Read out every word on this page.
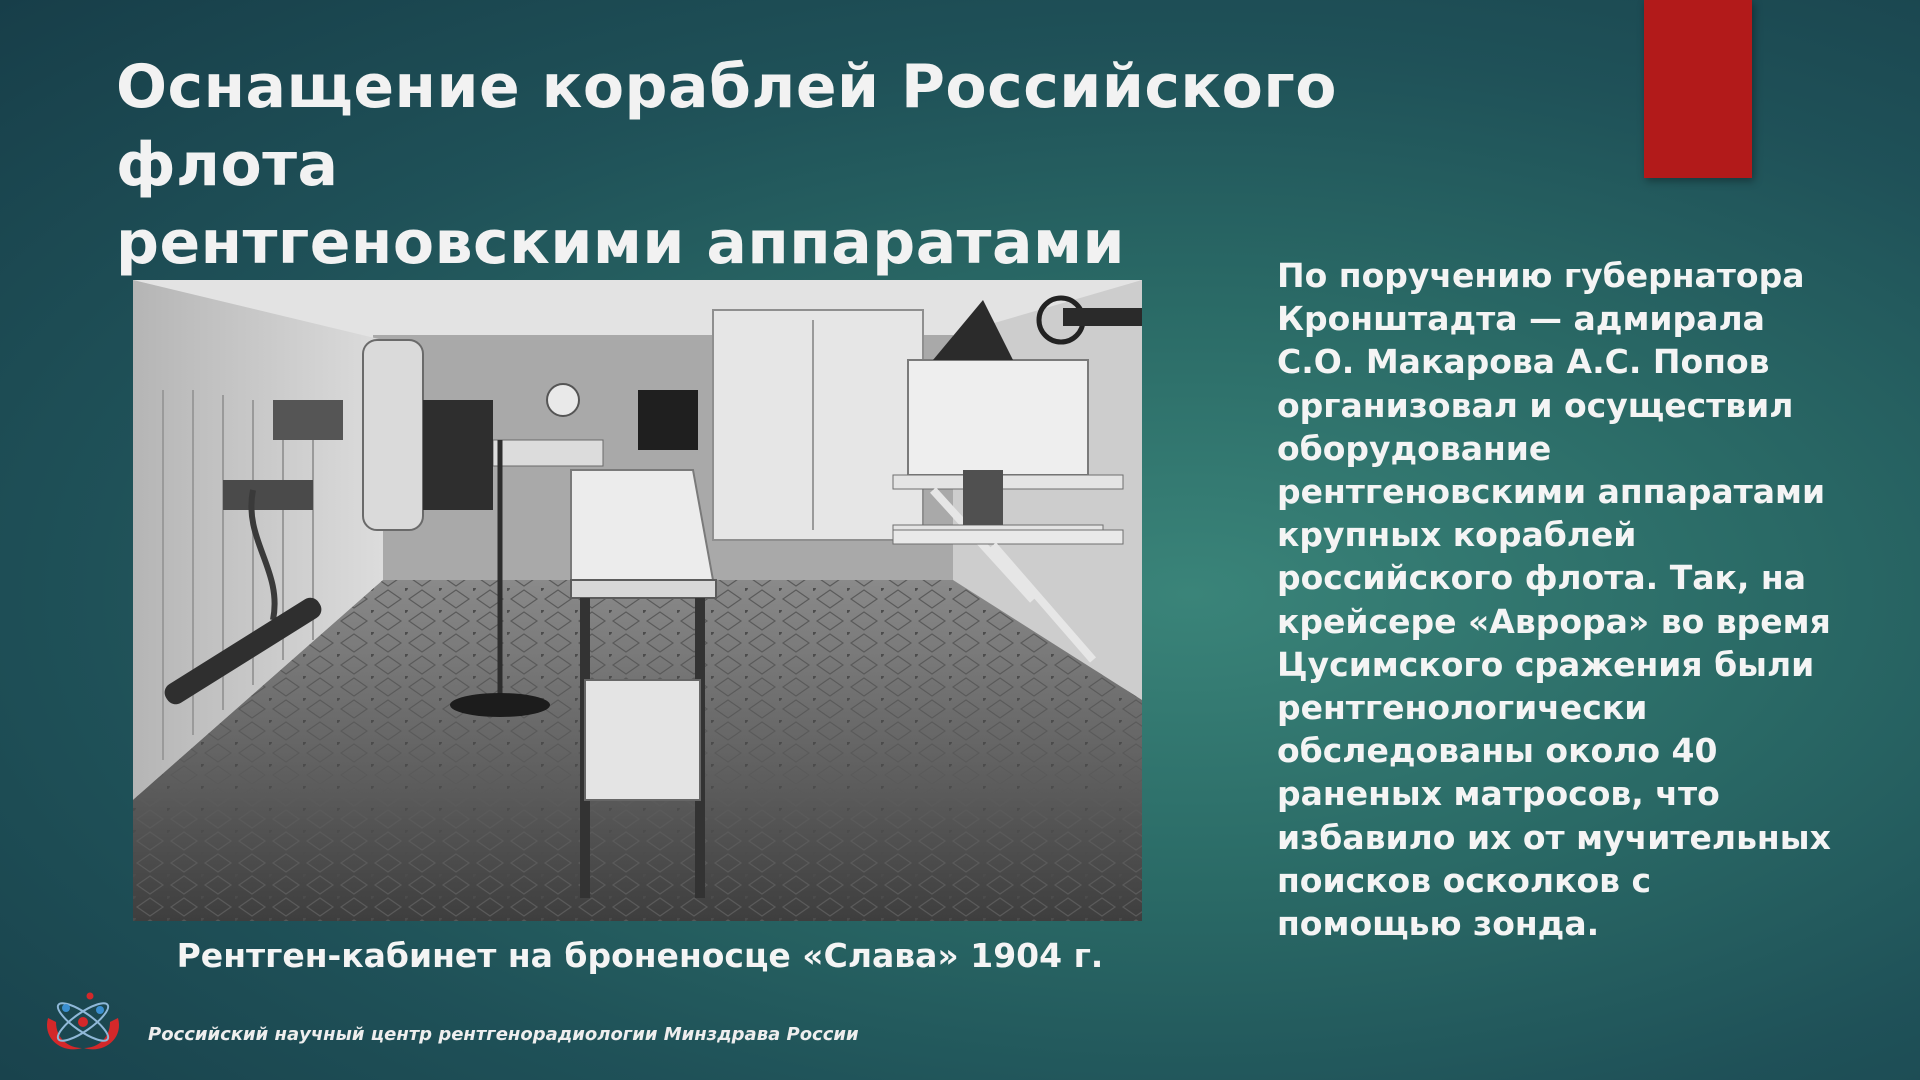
Оснащение кораблей Российского флота
рентгеновскими аппаратами
Рентген-кабинет на броненосце «Слава» 1904 г.
По поручению губернатора
Кронштадта — адмирала
С.О. Макарова А.С. Попов
организовал и осуществил
оборудование
рентгеновскими аппаратами
крупных кораблей
российского флота. Так, на
крейсере «Аврора» во время
Цусимского сражения были
рентгенологически
обследованы около 40
раненых матросов, что
избавило их от мучительных
поисков осколков с
помощью зонда.
Российский научный центр рентгенорадиологии Минздрава России
